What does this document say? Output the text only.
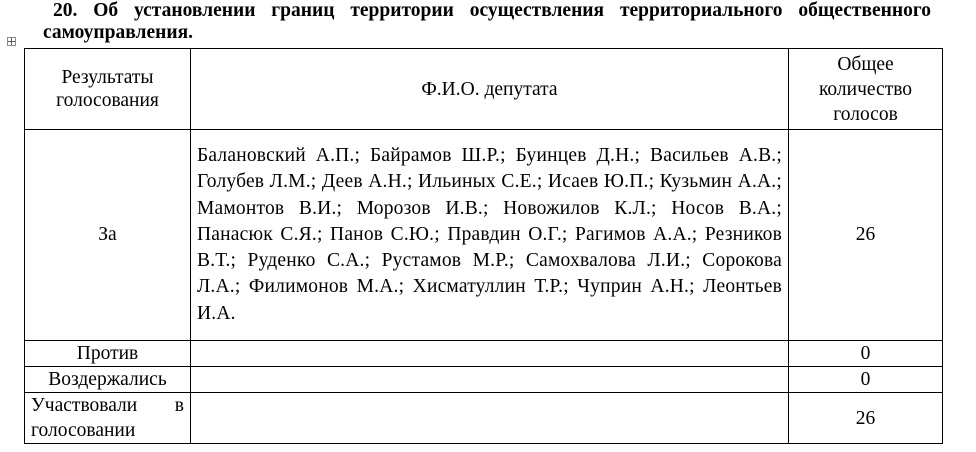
20. Об установлении границ территории осуществления территориального общественного самоуправления.
Результаты голосования	Ф.И.О. депутата	Общее количество голосов
За	Балановский А.П.; Байрамов Ш.Р.; Буинцев Д.Н.; Васильев А.В.; Голубев Л.М.; Деев А.Н.; Ильиных С.Е.; Исаев Ю.П.; Кузьмин А.А.; Мамонтов В.И.; Морозов И.В.; Новожилов К.Л.; Носов В.А.; Панасюк С.Я.; Панов С.Ю.; Правдин О.Г.; Рагимов А.А.; Резников В.Т.; Руденко С.А.; Рустамов М.Р.; Самохвалова Л.И.; Сорокова Л.А.; Филимонов М.А.; Хисматуллин Т.Р.; Чуприн А.Н.; Леонтьев И.А.	26
Против		0
Воздержались		0
Участвовали в голосовании		26
